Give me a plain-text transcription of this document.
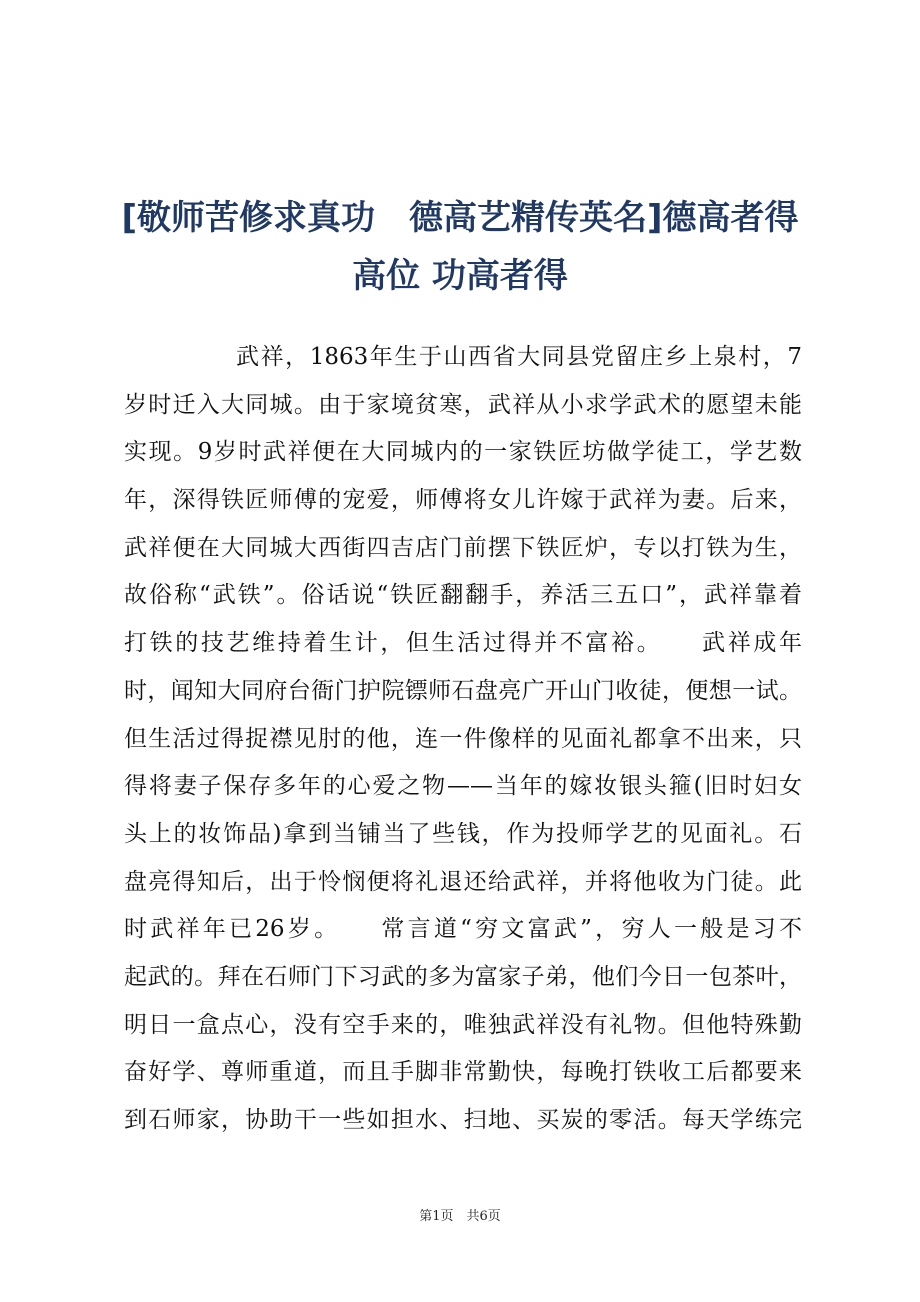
[敬师苦修求真功　德高艺精传英名]德高者得
高位 功高者得
武祥，1863年生于山西省大同县党留庄乡上泉村，7
岁时迁入大同城。由于家境贫寒，武祥从小求学武术的愿望未能
实现。9岁时武祥便在大同城内的一家铁匠坊做学徒工，学艺数
年，深得铁匠师傅的宠爱，师傅将女儿许嫁于武祥为妻。后来，
武祥便在大同城大西街四吉店门前摆下铁匠炉，专以打铁为生，
故俗称“武铁”。俗话说“铁匠翻翻手，养活三五口”，武祥靠着
打铁的技艺维持着生计，但生活过得并不富裕。　　武祥成年
时，闻知大同府台衙门护院镖师石盘亮广开山门收徒，便想一试。
但生活过得捉襟见肘的他，连一件像样的见面礼都拿不出来，只
得将妻子保存多年的心爱之物——当年的嫁妆银头箍(旧时妇女
头上的妆饰品)拿到当铺当了些钱，作为投师学艺的见面礼。石
盘亮得知后，出于怜悯便将礼退还给武祥，并将他收为门徒。此
时武祥年已26岁。　　常言道“穷文富武”，穷人一般是习不
起武的。拜在石师门下习武的多为富家子弟，他们今日一包茶叶，
明日一盒点心，没有空手来的，唯独武祥没有礼物。但他特殊勤
奋好学、尊师重道，而且手脚非常勤快，每晚打铁收工后都要来
到石师家，协助干一些如担水、扫地、买炭的零活。每天学练完
第1页　共6页
